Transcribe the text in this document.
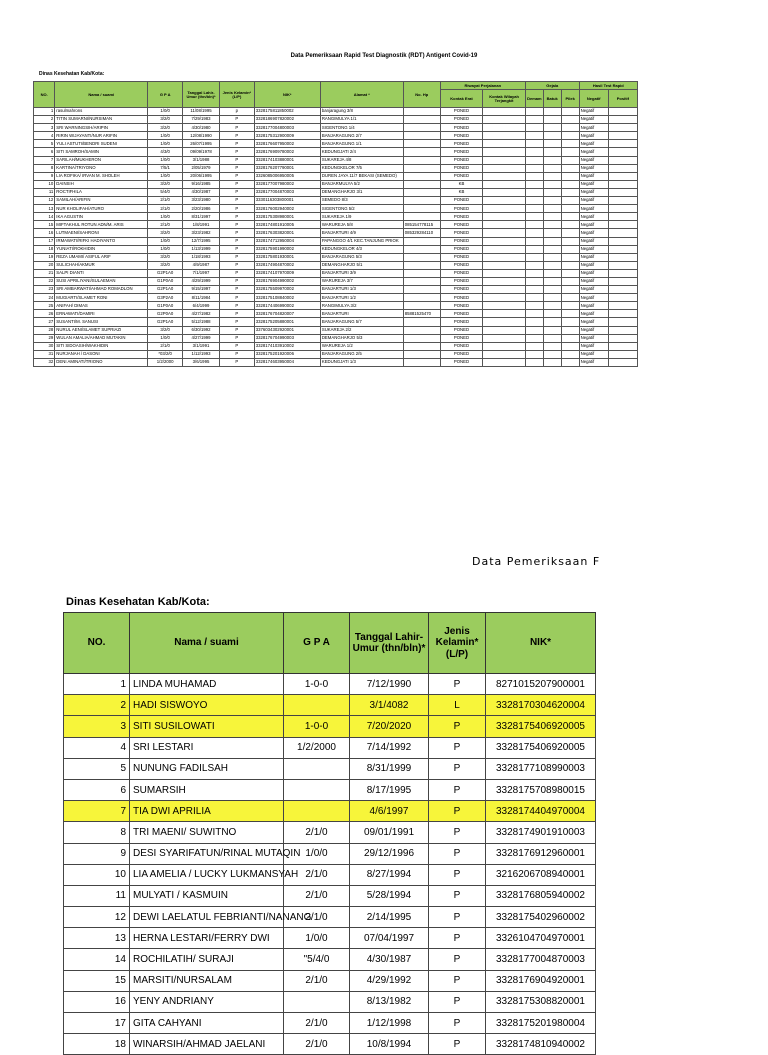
Data Pemeriksaan Rapid Test Diagnostik (RDT) Antigent Covid-19
Dinas Kesehatan Kab/Kota:
NO.	Nama / suami	G P A	Tanggal Lahir-Umur (thn/bln)*	Jenis Kelamin* (L/P)	NIK*	Alamat *	No. Hp	Riwayat Perjalanan		Gejala			Hasil Test Rapid	
								Kontak Erat	Kontak Wilayah Terjangkit	Demam	Batuk	Pilek	Negatif	Positif
1	rasulmahrons	1/0/0	11/08/1995	p	3328175811850002	banjaragung 3/8		PONED					Negatif	
2	TITIN SUMARNI/NURSIMAN	3/2/0	7/29/1983	P	3328186907820002	RANGIMULYA 1/1		PONED					Negatif	
3	SRI WARNINGSIH/ARIPIN	3/2/0	4/30/1980	P	3328177004800003	SIGENTONG 1/4		PONED					Negatif	
4	RIRIN WIJAYANTI/NUR ARIFIN	1/0/0	12/08/1990	P	3328175312900009	BANJARAGUNG 2/7		PONED					Negatif	
5	YULI ASTUTI/BENDRI SUDENI	1/0/0	26/07/1995	P	3328176607950002	BANJARAGUNG 1/1		PONED					Negatif	
6	SITI SAMROH/SAMIN	4/3/0	09/09/1978	P	3328176909780002	KEDUNGJATI 2/4		PONED					Negatif	
7	SARILAH/MUKHERON	1/0/0	3/1/1988	P	3328174103880001	SUKAREJA 4/8		PONED					Negatif	
8	KARTINA/TRIYONO	7/5/1	2/05/1979	P	3328176207790001	KEDUNGKELOR 7/5		PONED					Negatif	
9	LIA ROFIKA/ IRVAN M. SHOLEH	1/0/0	20/06/1995	P	3326085006950005	DUREN JAYA 11/7 BEKASI (SEMEDO)		PONED					Negatif	
10	DAINSIH	3/2/0	9/16/1985	P	3328177007980002	BANJARMULYA 5/2		KB					Negatif	
11	ROCTIFHILA	5/4/0	4/30/1987	P	3328177004870003	DEMANGHARJO 3/1		KB					Negatif	
12	SAMILAH/ARIFIN	2/1/0	3/23/1980	P	3330116303800001	SEMEDO 8/3		PONED					Negatif	
13	NUR KHOLIFAH/ATURO	2/1/0	2/20/1986	P	3328176002940002	SIGENTONG 5/2		PONED					Negatif	
14	IKA AGUSTIN	1/0/0	8/31/1997	P	3328175308980001	SUKAREJA 1/9		PONED					Negatif	
15	MIFTAKHUL ROTUN ADN/M. ARIS	2/1/0	1/8/1991	P	3328174801910005	WARUREJA 5/8	085154778115	PONED					Negatif	
16	LUTMAENI/SAHRONI	3/2/0	3/23/1982	P	3328176303820001	BANJARTURI 4/9	085329284110	PONED					Negatif	
17	IRMAWATI/RIFKI HADIYANTO	1/0/0	12/7/1995	P	3328174712950004	PAPANGGO 4/1 KEC.TANJUNG PRIOK		PONED					Negatif	
18	YUNIATI/ROKHIDIN	1/0/0	1/13/1999	P	3328175901990002	KEDUNGKELOR 4/3		PONED					Negatif	
19	REZA UMAMI/ ASIFUL ARIF	3/2/0	1/18/1993	P	3328175801930001	BANJARAGUNG 5/3		PONED					Negatif	
20	SULICHAH/AKMUR	3/2/0	4/9/1987	P	3328174904870002	DEMANGHARJO 5/1		PONED					Negatif	
21	SALPI DIANTI	G2P1A0	7/1/1997	P	3328174107970009	BANJARTURI 3/9		PONED					Negatif	
22	SUSI APRILIYANI/SULAEMAN	G1P0A0	4/29/1999	P	3328176904990002	WARUREJA 3/7		PONED					Negatif	
23	SRI AMBARWATI/AHMAD ROMADLON	G2P1A0	9/15/1997	P	3328175509970002	BANJARTURI 1/3		PONED					Negatif	
24	MUGIARTI/SLAMET RONI	G3P2A0	8/11/1984	P	3328175108840002	BANJARTURI 1/2		PONED					Negatif	
25	ANIFAH/ DIMAS	G1P0A0	6/4/1999	P	3328174406990002	RANGIMULYA 3/2		PONED					Negatif	
26	ERNAWATI/DAMIRI	G2P0A0	4/27/1982	P	3328176704820007	BANJARTURI	85881525470	PONED					Negatif	
27	SUSANTI/M. SANUSI	G2P1A0	5/12/1988	P	3328175205880001	BANJARAGUNG 5/7		PONED					Negatif	
28	NURUL AENI/SLAMET SUPRIAZI	3/2/0	6/30/1992	P	3376034302920001	SUKAREJA 2/2		PONED					Negatif	
29	WULAN AMALIA/AHMAD MUTAKIN	1/0/0	4/27/1999	P	3328176704990003	DEMANGHARJO 5/3		PONED					Negatif	
30	SITI SIDOASIH/WAKHIDIN	2/1/0	3/1/1991	P	3328174103910002	WARUREJA 1/2		PONED					Negatif	
31	NURJANAH / DASONI	*03/2/0	1/12/1993	P	3328175201920006	BANJARAGUNG 2/5		PONED					Negatif	
32	DENI AMINATI/TRIONO	1/2/2000	3/6/1995	P	3328174603950004	KEDUNGJATI 1/3		PONED					Negatif	
Data Pemeriksaan F
Dinas Kesehatan Kab/Kota:
NO.	Nama / suami	G P A	Tanggal Lahir-Umur (thn/bln)*	Jenis Kelamin* (L/P)	NIK*
1	LINDA MUHAMAD	1-0-0	7/12/1990	P	8271015207900001
2	HADI SISWOYO		3/1/4082	L	3328170304620004
3	SITI SUSILOWATI	1-0-0	7/20/2020	P	3328175406920005
4	SRI LESTARI	1/2/2000	7/14/1992	P	3328175406920005
5	NUNUNG FADILSAH		8/31/1999	P	3328177108990003
6	SUMARSIH		8/17/1995	P	3328175708980015
7	TIA DWI APRILIA		4/6/1997	P	3328174404970004
8	TRI MAENI/ SUWITNO	2/1/0	09/01/1991	P	3328174901910003
9	DESI SYARIFATUN/RINAL MUTAQIN	1/0/0	29/12/1996	P	3328176912960001
10	LIA AMELIA / LUCKY LUKMANSYAH	2/1/0	8/27/1994	P	3216206708940001
11	MULYATI / KASMUIN	2/1/0	5/28/1994	P	3328176805940002
12	DEWI LAELATUL FEBRIANTI/NANANG	2/1/0	2/14/1995	P	3328175402960002
13	HERNA LESTARI/FERRY DWI	1/0/0	07/04/1997	P	3326104704970001
14	ROCHILATIH/ SURAJI	"5/4/0	4/30/1987	P	3328177004870003
15	MARSITI/NURSALAM	2/1/0	4/29/1992	P	3328176904920001
16	YENY ANDRIANY		8/13/1982	P	3328175308820001
17	GITA CAHYANI	2/1/0	1/12/1998	P	3328175201980004
18	WINARSIH/AHMAD JAELANI	2/1/0	10/8/1994	P	3328174810940002
